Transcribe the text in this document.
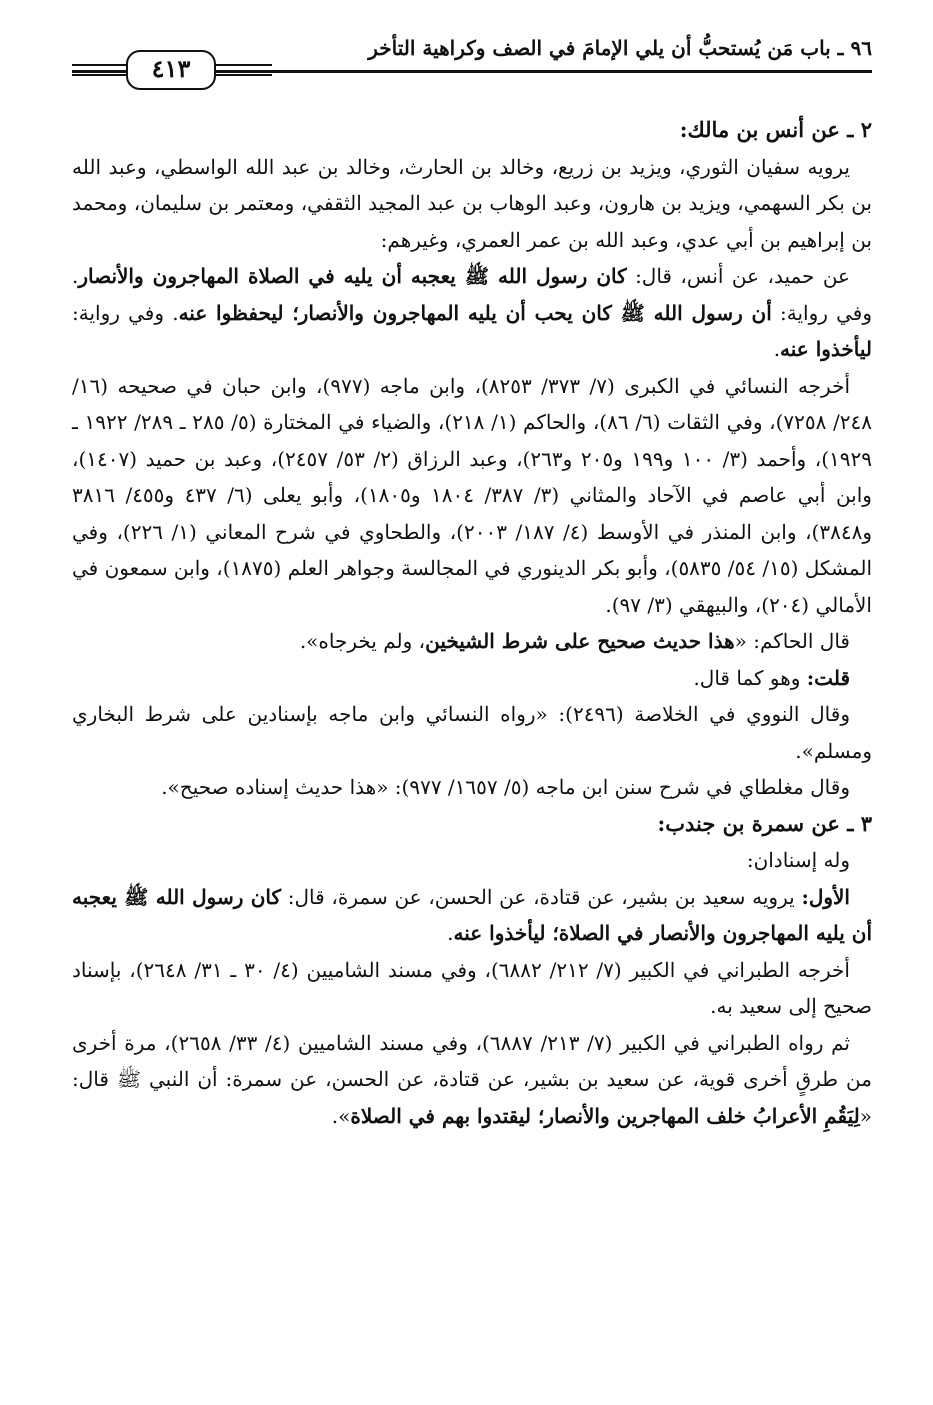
٩٦ ـ باب مَن يُستحبُّ أن يلي الإمامَ في الصف وكراهية التأخر
٤١٣

٢ ـ عن أنس بن مالك:

يرويه سفيان الثوري، ويزيد بن زريع، وخالد بن الحارث، وخالد بن عبد الله الواسطي، وعبد الله بن بكر السهمي، ويزيد بن هارون، وعبد الوهاب بن عبد المجيد الثقفي، ومعتمر بن سليمان، ومحمد بن إبراهيم بن أبي عدي، وعبد الله بن عمر العمري، وغيرهم:

عن حميد، عن أنس، قال: كان رسول الله ﷺ يعجبه أن يليه في الصلاة المهاجرون والأنصار. وفي رواية: أن رسول الله ﷺ كان يحب أن يليه المهاجرون والأنصار؛ ليحفظوا عنه. وفي رواية: ليأخذوا عنه.

أخرجه النسائي في الكبرى (٧/ ٣٧٣/ ٨٢٥٣)، وابن ماجه (٩٧٧)، وابن حبان في صحيحه (١٦/ ٢٤٨/ ٧٢٥٨)، وفي الثقات (٦/ ٨٦)، والحاكم (١/ ٢١٨)، والضياء في المختارة (٥/ ٢٨٥ ـ ٢٨٩/ ١٩٢٢ ـ ١٩٢٩)، وأحمد (٣/ ١٠٠ و١٩٩ و٢٠٥ و٢٦٣)، وعبد الرزاق (٢/ ٥٣/ ٢٤٥٧)، وعبد بن حميد (١٤٠٧)، وابن أبي عاصم في الآحاد والمثاني (٣/ ٣٨٧/ ١٨٠٤ و١٨٠٥)، وأبو يعلى (٦/ ٤٣٧ و٤٥٥/ ٣٨١٦ و٣٨٤٨)، وابن المنذر في الأوسط (٤/ ١٨٧/ ٢٠٠٣)، والطحاوي في شرح المعاني (١/ ٢٢٦)، وفي المشكل (١٥/ ٥٤/ ٥٨٣٥)، وأبو بكر الدينوري في المجالسة وجواهر العلم (١٨٧٥)، وابن سمعون في الأمالي (٢٠٤)، والبيهقي (٣/ ٩٧).

قال الحاكم: «هذا حديث صحيح على شرط الشيخين، ولم يخرجاه».

قلت: وهو كما قال.

وقال النووي في الخلاصة (٢٤٩٦): «رواه النسائي وابن ماجه بإسنادين على شرط البخاري ومسلم».

وقال مغلطاي في شرح سنن ابن ماجه (٥/ ١٦٥٧/ ٩٧٧): «هذا حديث إسناده صحيح».

٣ ـ عن سمرة بن جندب:

وله إسنادان:

الأول: يرويه سعيد بن بشير، عن قتادة، عن الحسن، عن سمرة، قال: كان رسول الله ﷺ يعجبه أن يليه المهاجرون والأنصار في الصلاة؛ ليأخذوا عنه.

أخرجه الطبراني في الكبير (٧/ ٢١٢/ ٦٨٨٢)، وفي مسند الشاميين (٤/ ٣٠ ـ ٣١/ ٢٦٤٨)، بإسناد صحيح إلى سعيد به.

ثم رواه الطبراني في الكبير (٧/ ٢١٣/ ٦٨٨٧)، وفي مسند الشاميين (٤/ ٣٣/ ٢٦٥٨)، مرة أخرى من طرقٍ أخرى قوية، عن سعيد بن بشير، عن قتادة، عن الحسن، عن سمرة: أن النبي ﷺ قال: «لِيَقُمِ الأعرابُ خلف المهاجرين والأنصار؛ ليقتدوا بهم في الصلاة».
